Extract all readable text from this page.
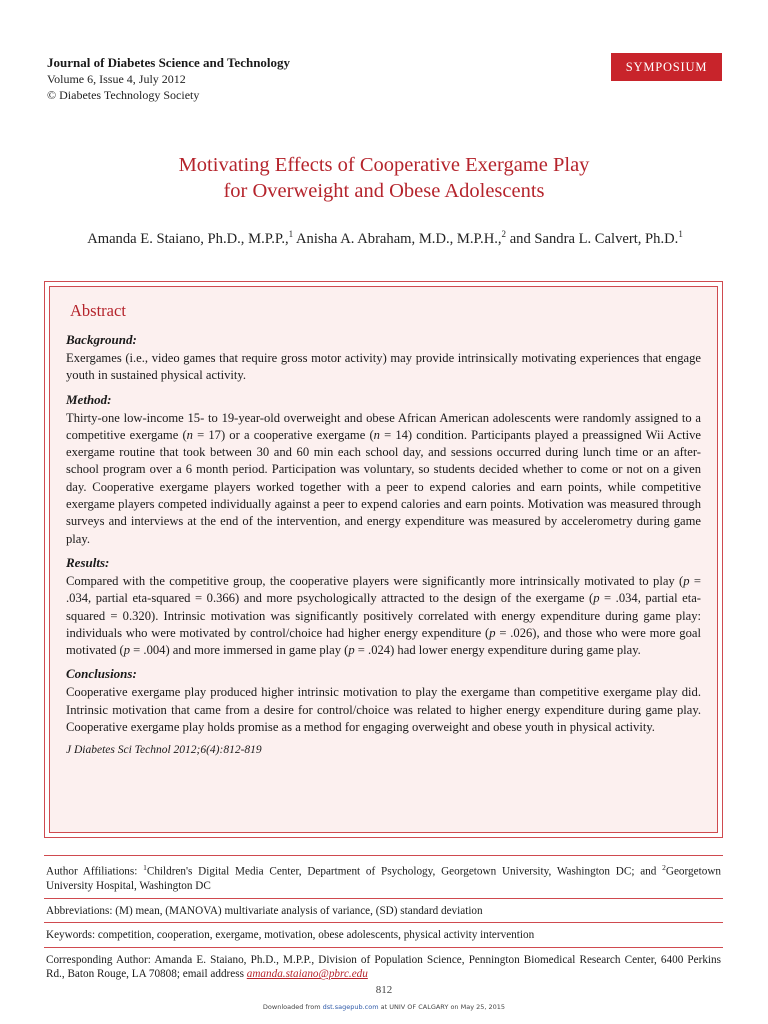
Journal of Diabetes Science and Technology
Volume 6, Issue 4, July 2012
© Diabetes Technology Society
SYMPOSIUM
Motivating Effects of Cooperative Exergame Play
for Overweight and Obese Adolescents
Amanda E. Staiano, Ph.D., M.P.P.,$^1$ Anisha A. Abraham, M.D., M.P.H.,$^2$ and Sandra L. Calvert, Ph.D.$^1$
Abstract
Background:
Exergames (i.e., video games that require gross motor activity) may provide intrinsically motivating experiences that engage youth in sustained physical activity.
Method:
Thirty-one low-income 15- to 19-year-old overweight and obese African American adolescents were randomly assigned to a competitive exergame (n = 17) or a cooperative exergame (n = 14) condition. Participants played a preassigned Wii Active exergame routine that took between 30 and 60 min each school day, and sessions occurred during lunch time or an after-school program over a 6 month period. Participation was voluntary, so students decided whether to come or not on a given day. Cooperative exergame players worked together with a peer to expend calories and earn points, while competitive exergame players competed individually against a peer to expend calories and earn points. Motivation was measured through surveys and interviews at the end of the intervention, and energy expenditure was measured by accelerometry during game play.
Results:
Compared with the competitive group, the cooperative players were significantly more intrinsically motivated to play (p = .034, partial eta-squared = 0.366) and more psychologically attracted to the design of the exergame (p = .034, partial eta-squared = 0.320). Intrinsic motivation was significantly positively correlated with energy expenditure during game play: individuals who were motivated by control/choice had higher energy expenditure (p = .026), and those who were more goal motivated (p = .004) and more immersed in game play (p = .024) had lower energy expenditure during game play.
Conclusions:
Cooperative exergame play produced higher intrinsic motivation to play the exergame than competitive exergame play did. Intrinsic motivation that came from a desire for control/choice was related to higher energy expenditure during game play. Cooperative exergame play holds promise as a method for engaging overweight and obese youth in physical activity.
J Diabetes Sci Technol 2012;6(4):812-819
Author Affiliations: $^1$Children's Digital Media Center, Department of Psychology, Georgetown University, Washington DC; and $^2$Georgetown University Hospital, Washington DC
Abbreviations: (M) mean, (MANOVA) multivariate analysis of variance, (SD) standard deviation
Keywords: competition, cooperation, exergame, motivation, obese adolescents, physical activity intervention
Corresponding Author: Amanda E. Staiano, Ph.D., M.P.P., Division of Population Science, Pennington Biomedical Research Center, 6400 Perkins Rd., Baton Rouge, LA 70808; email address amanda.staiano@pbrc.edu
812
Downloaded from dst.sagepub.com at UNIV OF CALGARY on May 25, 2015
